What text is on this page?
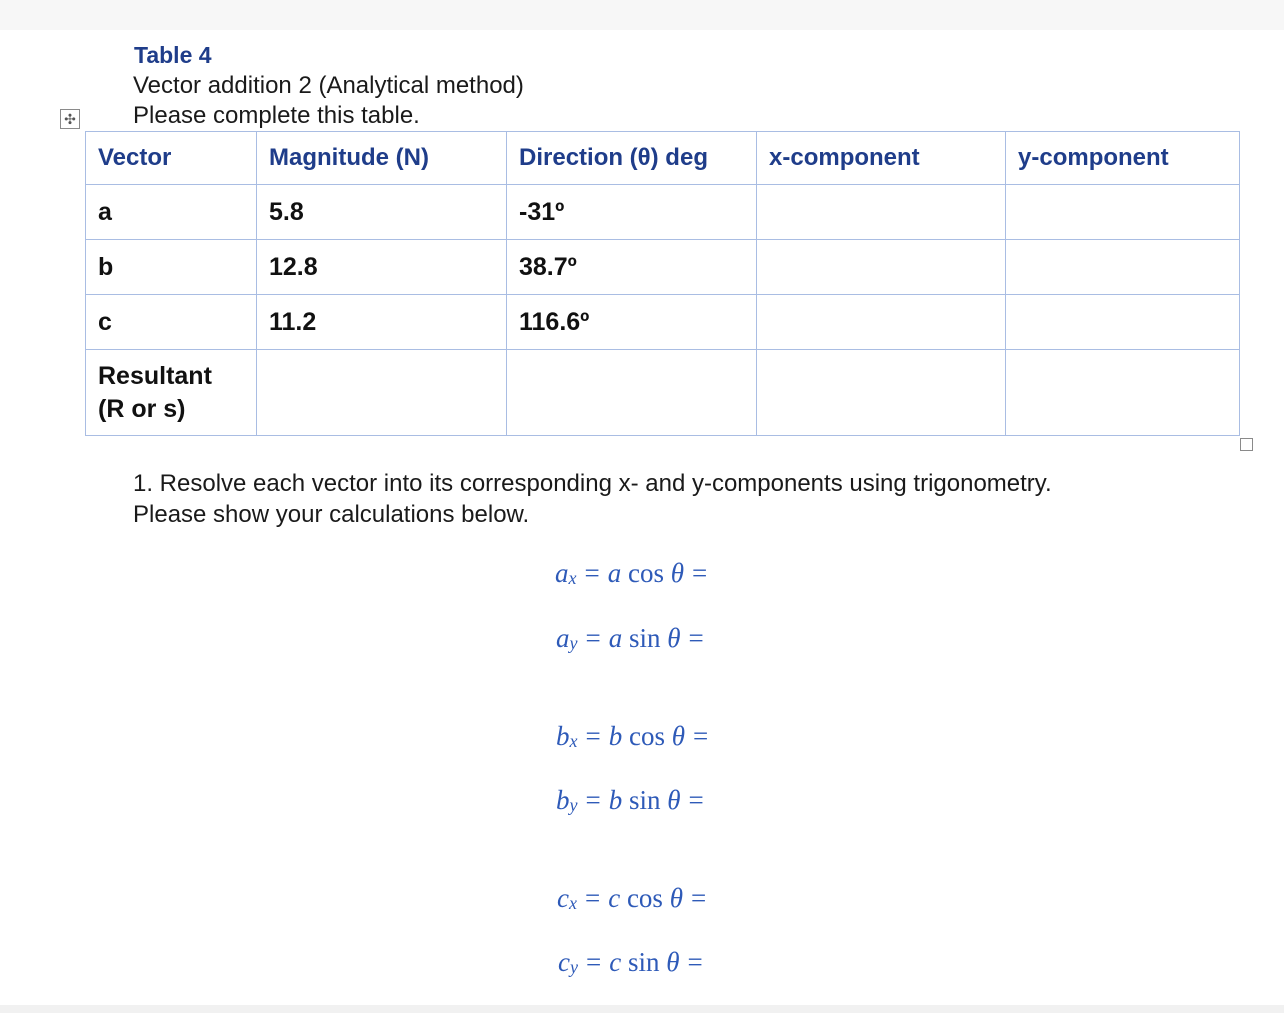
Table 4
Vector addition 2 (Analytical method)
Please complete this table.
✣
Vector	Magnitude (N)	Direction (θ) deg	x-component	y-component
a	5.8	-31º		
b	12.8	38.7º		
c	11.2	116.6º		
Resultant
(R or s)				
1. Resolve each vector into its corresponding x- and y-components using trigonometry.
Please show your calculations below.
$a_x = a$ cos θ =
$a_y = a$ sin θ =
$b_x = b$ cos θ =
$b_y = b$ sin θ =
$c_x = c$ cos θ =
$c_y = c$ sin θ =
